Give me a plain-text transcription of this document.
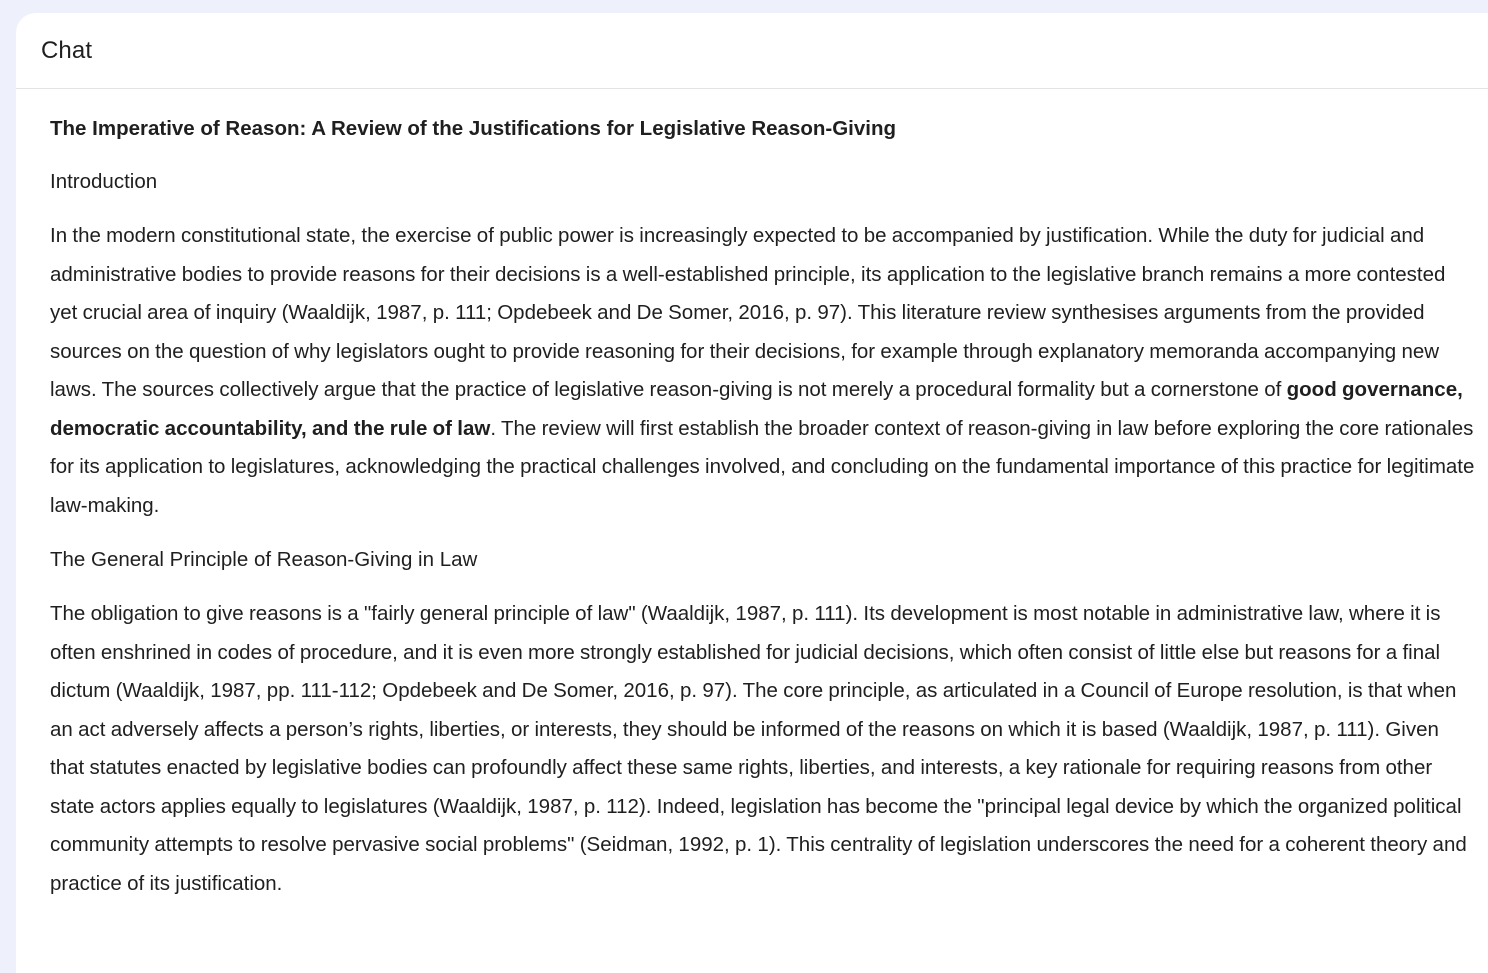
Chat
The Imperative of Reason: A Review of the Justifications for Legislative Reason-Giving
Introduction

In the modern constitutional state, the exercise of public power is increasingly expected to be accompanied by justification. While the duty for judicial and administrative bodies to provide reasons for their decisions is a well-established principle, its application to the legislative branch remains a more contested yet crucial area of inquiry (Waaldijk, 1987, p. 111; Opdebeek and De Somer, 2016, p. 97). This literature review synthesises arguments from the provided sources on the question of why legislators ought to provide reasoning for their decisions, for example through explanatory memoranda accompanying new laws. The sources collectively argue that the practice of legislative reason-giving is not merely a procedural formality but a cornerstone of good governance, democratic accountability, and the rule of law. The review will first establish the broader context of reason-giving in law before exploring the core rationales for its application to legislatures, acknowledging the practical challenges involved, and concluding on the fundamental importance of this practice for legitimate law-making.

The General Principle of Reason-Giving in Law

The obligation to give reasons is a "fairly general principle of law" (Waaldijk, 1987, p. 111). Its development is most notable in administrative law, where it is often enshrined in codes of procedure, and it is even more strongly established for judicial decisions, which often consist of little else but reasons for a final dictum (Waaldijk, 1987, pp. 111-112; Opdebeek and De Somer, 2016, p. 97). The core principle, as articulated in a Council of Europe resolution, is that when an act adversely affects a person’s rights, liberties, or interests, they should be informed of the reasons on which it is based (Waaldijk, 1987, p. 111). Given that statutes enacted by legislative bodies can profoundly affect these same rights, liberties, and interests, a key rationale for requiring reasons from other state actors applies equally to legislatures (Waaldijk, 1987, p. 112). Indeed, legislation has become the "principal legal device by which the organized political community attempts to resolve pervasive social problems" (Seidman, 1992, p. 1). This centrality of legislation underscores the need for a coherent theory and practice of its justification.
